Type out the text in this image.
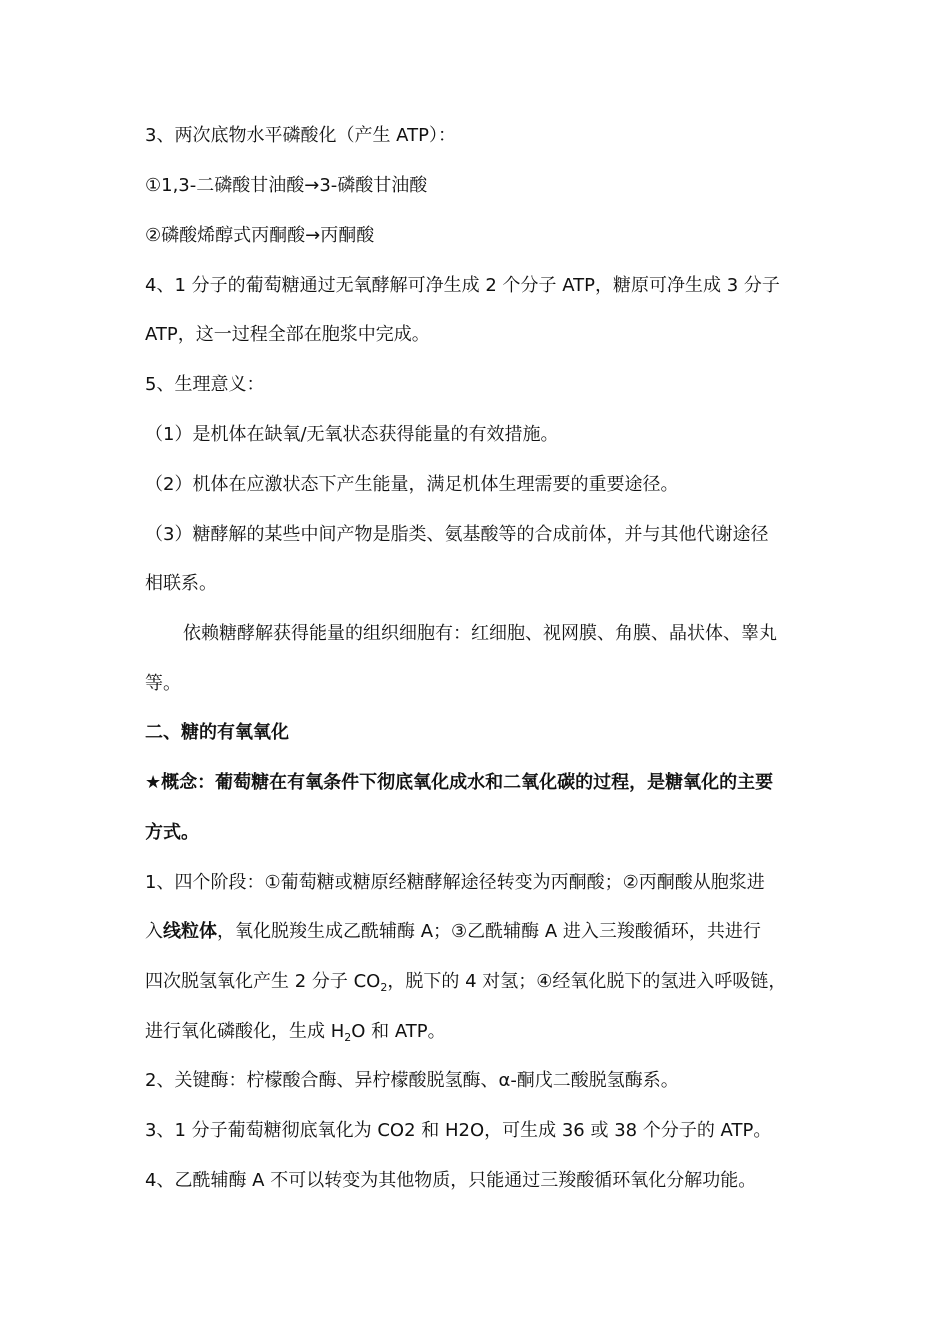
3、两次底物水平磷酸化（产生 ATP）：
①1,3-二磷酸甘油酸→3-磷酸甘油酸
②磷酸烯醇式丙酮酸→丙酮酸
4、1 分子的葡萄糖通过无氧酵解可净生成 2 个分子 ATP，糖原可净生成 3 分子
ATP，这一过程全部在胞浆中完成。
5、生理意义：
（1）是机体在缺氧/无氧状态获得能量的有效措施。
（2）机体在应激状态下产生能量，满足机体生理需要的重要途径。
（3）糖酵解的某些中间产物是脂类、氨基酸等的合成前体，并与其他代谢途径
相联系。
依赖糖酵解获得能量的组织细胞有：红细胞、视网膜、角膜、晶状体、睾丸
等。
二、糖的有氧氧化
★概念：葡萄糖在有氧条件下彻底氧化成水和二氧化碳的过程，是糖氧化的主要
方式。
1、四个阶段：①葡萄糖或糖原经糖酵解途径转变为丙酮酸；②丙酮酸从胞浆进
入线粒体，氧化脱羧生成乙酰辅酶 A；③乙酰辅酶 A 进入三羧酸循环，共进行
四次脱氢氧化产生 2 分子 $CO_2$，脱下的 4 对氢；④经氧化脱下的氢进入呼吸链，
进行氧化磷酸化，生成 $H_2O$ 和 ATP。
2、关键酶：柠檬酸合酶、异柠檬酸脱氢酶、α-酮戊二酸脱氢酶系。
3、1 分子葡萄糖彻底氧化为 CO2 和 H2O，可生成 36 或 38 个分子的 ATP。
4、乙酰辅酶 A 不可以转变为其他物质，只能通过三羧酸循环氧化分解功能。
